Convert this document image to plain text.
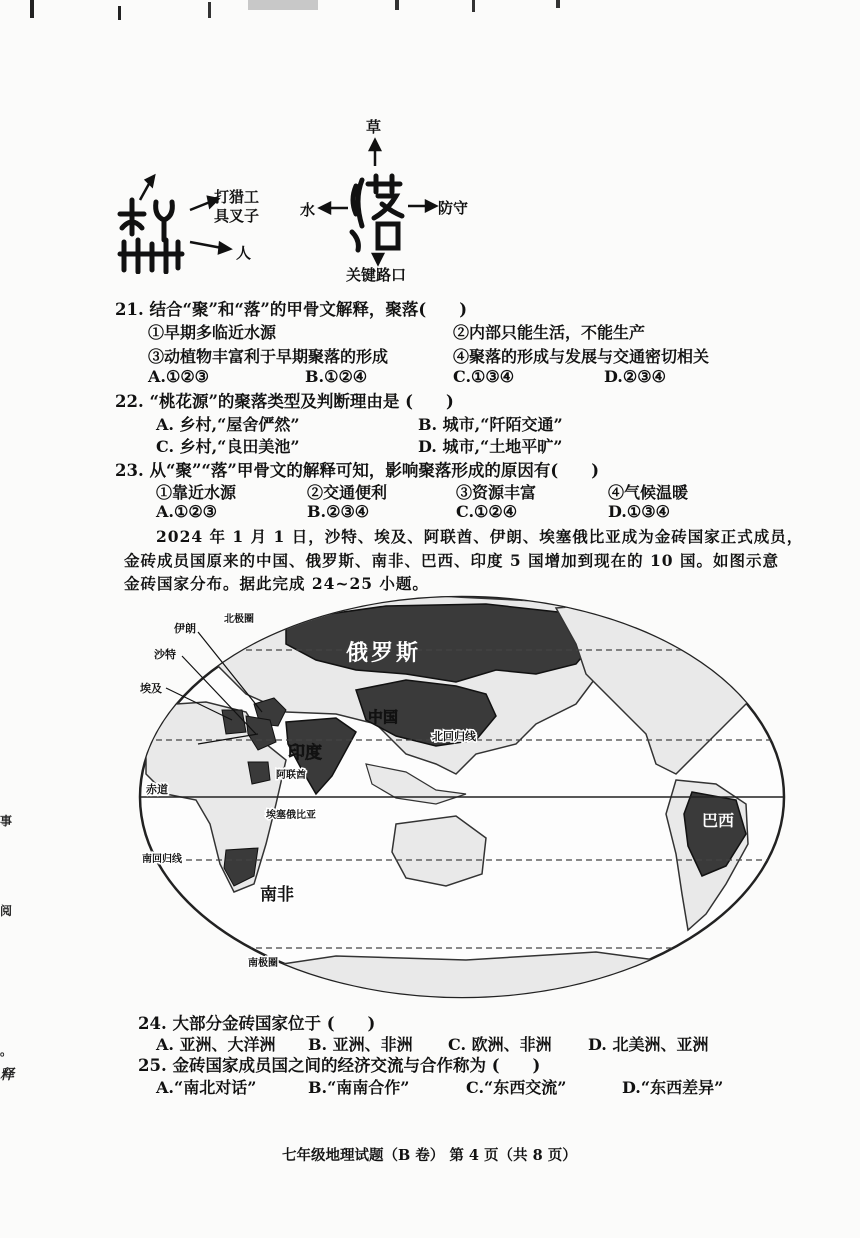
打猎工
具叉子
人
草
水	防守
关键路口
21. 结合“聚”和“落”的甲骨文解释，聚落(　　)
①早期多临近水源	②内部只能生活，不能生产
③动植物丰富利于早期聚落的形成	④聚落的形成与发展与交通密切相关
A.①②③	B.①②④	C.①③④	D.②③④
22. “桃花源”的聚落类型及判断理由是 (　　)
A. 乡村,“屋舍俨然”	B. 城市,“阡陌交通”
C. 乡村,“良田美池”	D. 城市,“土地平旷”
23. 从“聚”“落”甲骨文的解释可知，影响聚落形成的原因有(　　)
①靠近水源	②交通便利	③资源丰富	④气候温暖
A.①②③	B.②③④	C.①②④	D.①③④
2024 年 1 月 1 日，沙特、埃及、阿联酋、伊朗、埃塞俄比亚成为金砖国家正式成员，
金砖成员国原来的中国、俄罗斯、南非、巴西、印度 5 国增加到现在的 10 国。如图示意
金砖国家分布。据此完成 24~25 小题。
伊朗
沙特
埃及
阿联酋
埃塞俄比亚
俄罗斯
中国
印度
巴西
南非
北极圈
北回归线
赤道
南回归线
南极圈
24. 大部分金砖国家位于 (　　)
A. 亚洲、大洋洲 B. 亚洲、非洲 C. 欧洲、非洲 D. 北美洲、亚洲
25. 金砖国家成员国之间的经济交流与合作称为 (　　)
A.“南北对话”	B.“南南合作”	C.“东西交流”	D.“东西差异”
七年级地理试题（B 卷） 第 4 页（共 8 页）
事
阅
。
释
